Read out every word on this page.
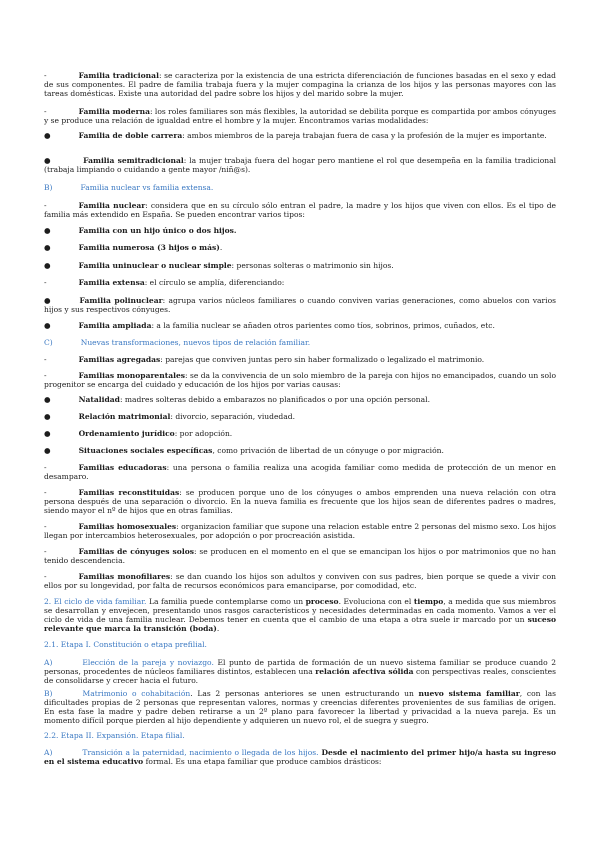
-	Familia tradicional: se caracteriza por la existencia de una estricta diferenciación de funciones basadas en el sexo y edad de sus componentes. El padre de familia trabaja fuera y la mujer compagina la crianza de los hijos y las personas mayores con las tareas domésticas. Existe una autoridad del padre sobre los hijos y del marido sobre la mujer.

-	Familia moderna: los roles familiares son más flexibles, la autoridad se debilita porque es compartida por ambos cónyuges y se produce una relación de igualdad entre el hombre y la mujer. Encontramos varias modalidades:

●	Familia de doble carrera: ambos miembros de la pareja trabajan fuera de casa y la profesión de la mujer es importante.

●	Familia semitradicional: la mujer trabaja fuera del hogar pero mantiene el rol que desempeña en la familia tradicional (trabaja limpiando o cuidando a gente mayor /niñ@s).

B)	Familia nuclear vs familia extensa.

-	Familia nuclear: considera que en su círculo sólo entran el padre, la madre y los hijos que viven con ellos. Es el tipo de familia más extendido en España. Se pueden encontrar varios tipos:

●	Familia con un hijo único o dos hijos.

●	Familia numerosa (3 hijos o más).

●	Familia uninuclear o nuclear simple: personas solteras o matrimonio sin hijos.

-	Familia extensa: el círculo se amplía, diferenciando:

●	Familia polinuclear: agrupa varios núcleos familiares o cuando conviven varias generaciones, como abuelos con varios hijos y sus respectivos cónyuges.

●	Familia ampliada: a la familia nuclear se añaden otros parientes como tíos, sobrinos, primos, cuñados, etc.

C)	Nuevas transformaciones, nuevos tipos de relación familiar.

-	Familias agregadas: parejas que conviven juntas pero sin haber formalizado o legalizado el matrimonio.

-	Familias monoparentales: se da la convivencia de un solo miembro de la pareja con hijos no emancipados, cuando un solo progenitor se encarga del cuidado y educación de los hijos por varias causas:

●	Natalidad: madres solteras debido a embarazos no planificados o por una opción personal.

●	Relación matrimonial: divorcio, separación, viudedad.

●	Ordenamiento jurídico: por adopción.

●	Situaciones sociales específicas, como privación de libertad de un cónyuge o por migración.

-	Familias educadoras: una persona o familia realiza una acogida familiar como medida de protección de un menor en desamparo.

-	Familias reconstituidas: se producen porque uno de los cónyuges o ambos emprenden una nueva relación con otra persona después de una separación o divorcio. En la nueva familia es frecuente que los hijos sean de diferentes padres o madres, siendo mayor el nº de hijos que en otras familias.

-	Familias homosexuales: organizacion familiar que supone una relacion estable entre 2 personas del mismo sexo. Los hijos llegan por intercambios heterosexuales, por adopción o por procreación asistida.

-	Familias de cónyuges solos: se producen en el momento en el que se emancipan los hijos o por matrimonios que no han tenido descendencia.

-	Familias monofiliares: se dan cuando los hijos son adultos y conviven con sus padres, bien porque se quede a vivir con ellos por su longevidad, por falta de recursos económicos para emanciparse, por comodidad, etc.

2. El ciclo de vida familiar. La familia puede contemplarse como un proceso. Evoluciona con el tiempo, a medida que sus miembros se desarrollan y envejecen, presentando unos rasgos característicos y necesidades determinadas en cada momento. Vamos a ver el ciclo de vida de una familia nuclear. Debemos tener en cuenta que el cambio de una etapa a otra suele ir marcado por un suceso relevante que marca la transición (boda).

2.1. Etapa I. Constitución o etapa prefilial.

A)	Elección de la pareja y noviazgo. El punto de partida de formación de un nuevo sistema familiar se produce cuando 2 personas, procedentes de núcleos familiares distintos, establecen una relación afectiva sólida con perspectivas reales, conscientes de consolidarse y crecer hacia el futuro.

B)	Matrimonio o cohabitación. Las 2 personas anteriores se unen estructurando un nuevo sistema familiar, con las dificultades propias de 2 personas que representan valores, normas y creencias diferentes provenientes de sus familias de origen. En esta fase la madre y padre deben retirarse a un 2º plano para favorecer la libertad y privacidad a la nueva pareja. Es un momento difícil porque pierden al hijo dependiente y adquieren un nuevo rol, el de suegra y suegro.

2.2. Etapa II. Expansión. Etapa filial.

A)	Transición a la paternidad, nacimiento o llegada de los hijos. Desde el nacimiento del primer hijo/a hasta su ingreso en el sistema educativo formal. Es una etapa familiar que produce cambios drásticos:
